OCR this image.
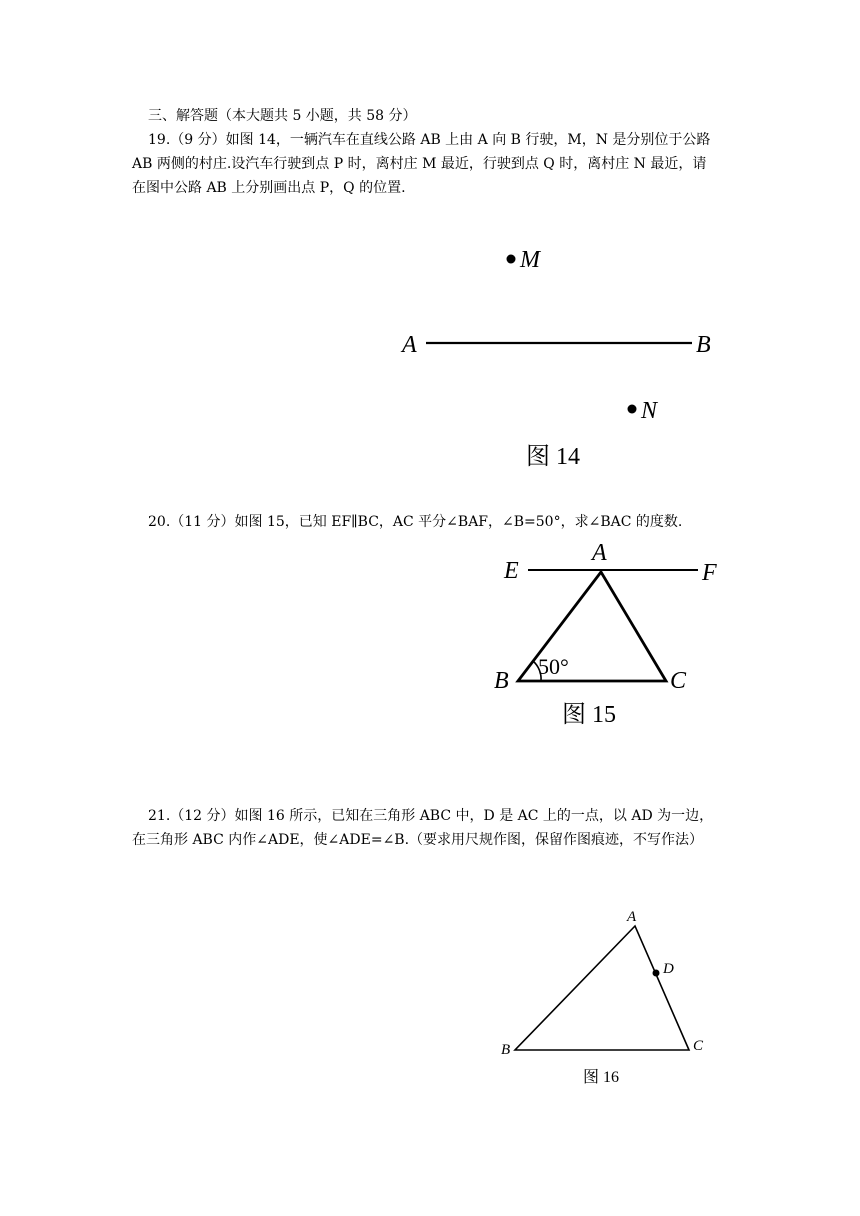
三、解答题（本大题共 5 小题，共 58 分）
19.（9 分）如图 14，一辆汽车在直线公路 AB 上由 A 向 B 行驶，M，N 是分别位于公路
AB 两侧的村庄.设汽车行驶到点 P 时，离村庄 M 最近，行驶到点 Q 时，离村庄 N 最近，请
在图中公路 AB 上分别画出点 P，Q 的位置.
M
A	B
N
图 14
20.（11 分）如图 15，已知 EF∥BC，AC 平分∠BAF，∠B=50°，求∠BAC 的度数.
E
A
F
50°
B	C
图 15
21.（12 分）如图 16 所示，已知在三角形 ABC 中，D 是 AC 上的一点，以 AD 为一边，
在三角形 ABC 内作∠ADE，使∠ADE=∠B.（要求用尺规作图，保留作图痕迹，不写作法）
A
D
B	C
图 16
